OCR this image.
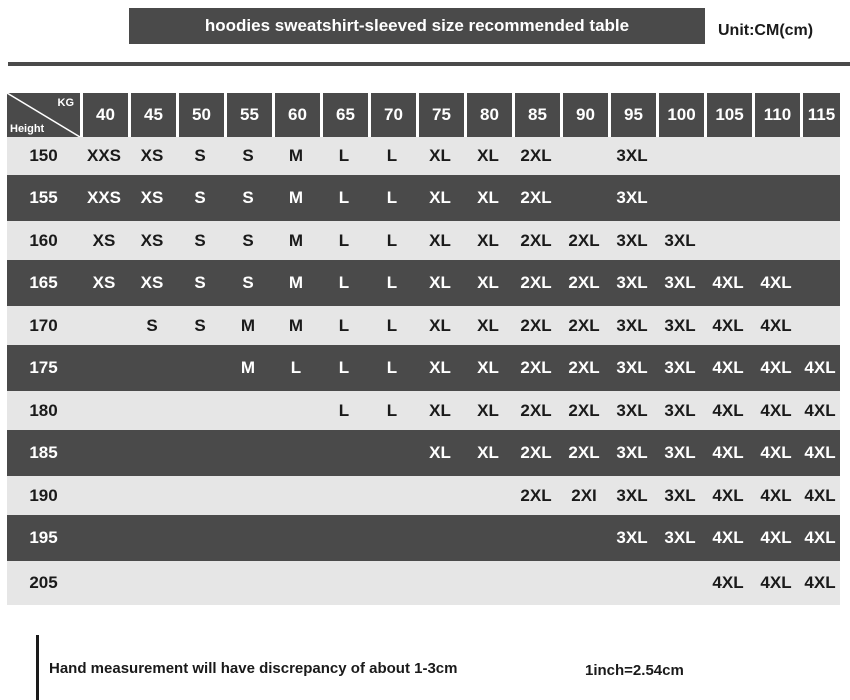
hoodies sweatshirt-sleeved size recommended table	Unit:CM(cm)
KG
Height	40	45	50	55	60	65	70	75	80	85	90	95	100	105	110	115
150	XXS	XS	S	S	M	L	L	XL	XL	2XL		3XL				
155	XXS	XS	S	S	M	L	L	XL	XL	2XL		3XL				
160	XS	XS	S	S	M	L	L	XL	XL	2XL	2XL	3XL	3XL			
165	XS	XS	S	S	M	L	L	XL	XL	2XL	2XL	3XL	3XL	4XL	4XL	
170		S	S	M	M	L	L	XL	XL	2XL	2XL	3XL	3XL	4XL	4XL	
175				M	L	L	L	XL	XL	2XL	2XL	3XL	3XL	4XL	4XL	4XL
180						L	L	XL	XL	2XL	2XL	3XL	3XL	4XL	4XL	4XL
185								XL	XL	2XL	2XL	3XL	3XL	4XL	4XL	4XL
190										2XL	2XI	3XL	3XL	4XL	4XL	4XL
195												3XL	3XL	4XL	4XL	4XL
205														4XL	4XL	4XL
Hand measurement will have discrepancy of about 1-3cm	1inch=2.54cm
